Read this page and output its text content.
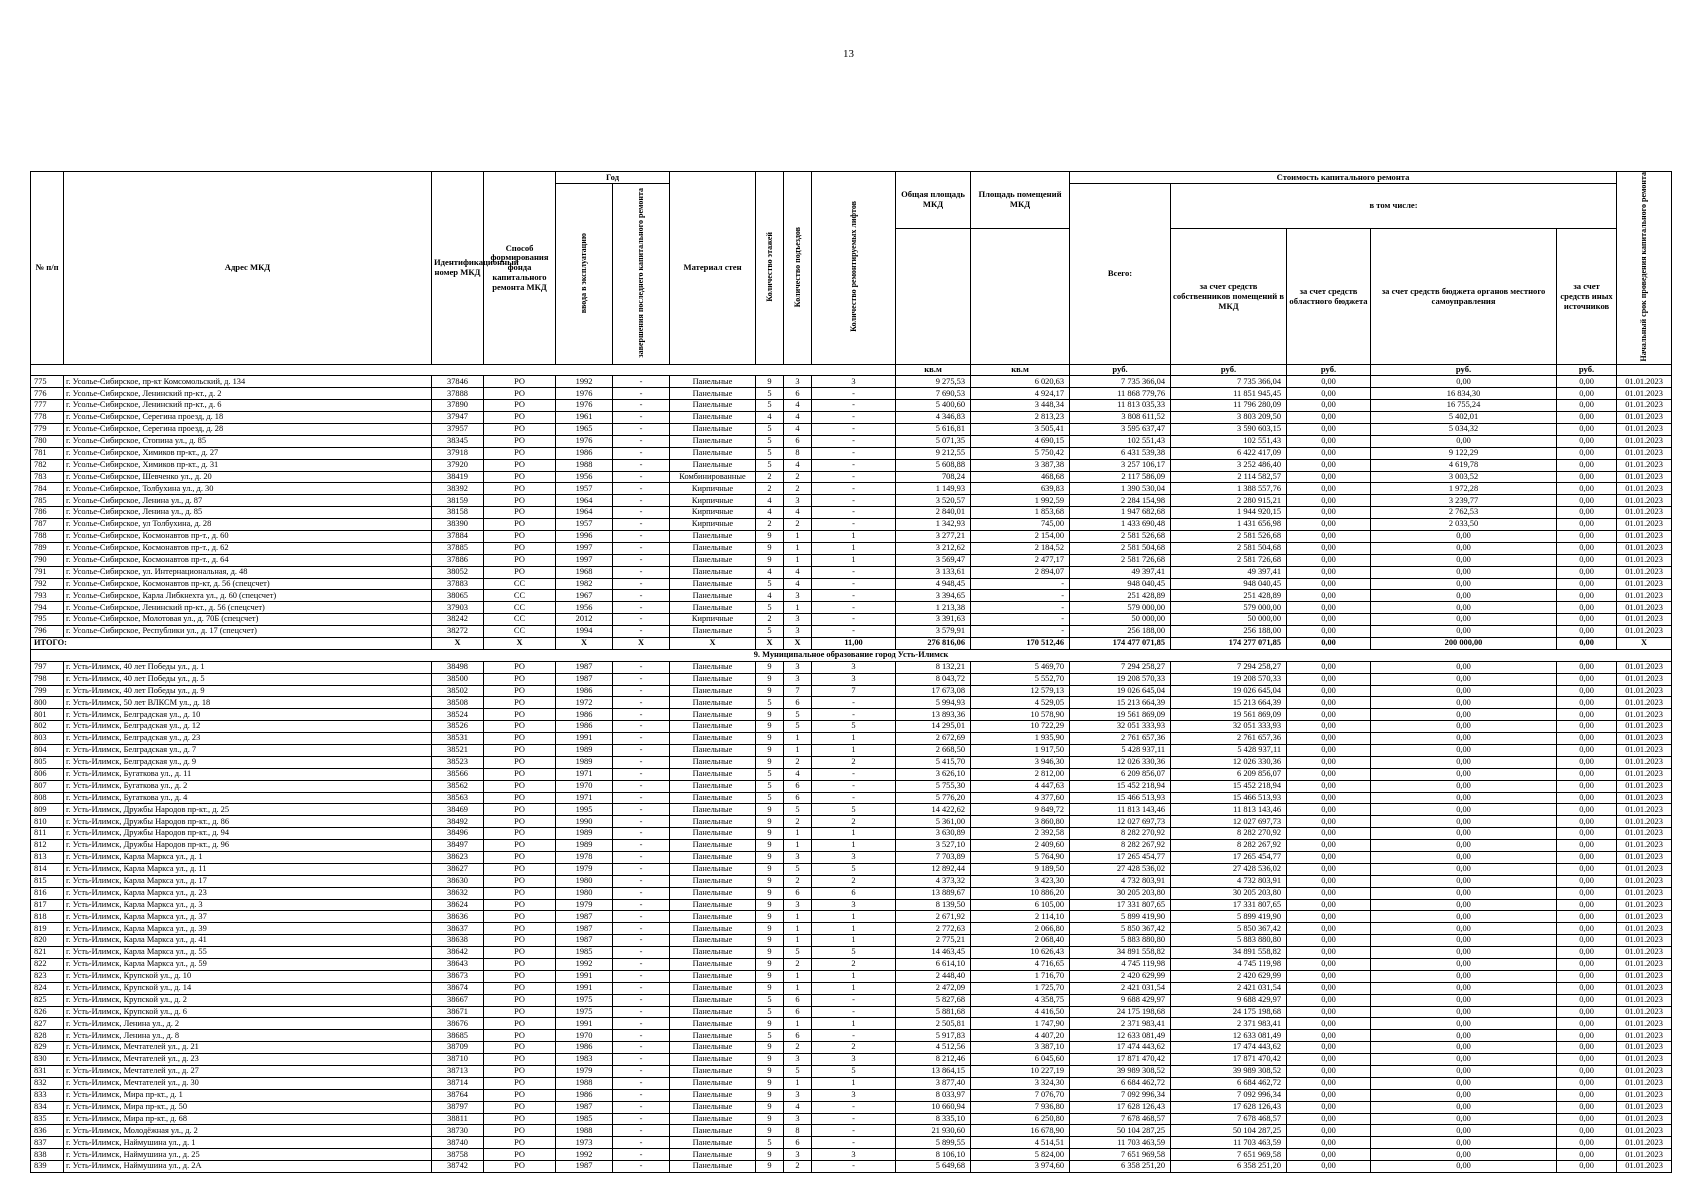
13
№ п/п	Адрес МКД	Идентификационный номер МКД	Способ формирования фонда капитального ремонта МКД	Год		Материал стен	Количество этажей	Количество подъездов	Количество ремонтируемых лифтов	Общая площадь МКД	Площадь помещений МКД	Стоимость капитального ремонта					Начальный срок проведения капитального ремонта	
				ввода в эксплуатацию	завершения последнего капитального ремонта							Всего:	в том числе:					
													за счет средств собственников помещений в МКД	за счет средств областного бюджета	за счет средств бюджета органов местного самоуправления	за счет средств иных источников		
										кв.м	кв.м	руб.	руб.	руб.	руб.	руб.		
775	г. Усолье-Сибирское, пр-кт Комсомольский, д. 134	37846	РО	1992	-	Панельные	9	3	3	9 275,53	6 020,63	7 735 366,04	7 735 366,04	0,00	0,00	0,00	01.01.2023	
776	г. Усолье-Сибирское, Ленинский пр-кт., д. 2	37888	РО	1976	-	Панельные	5	6	-	7 690,53	4 924,17	11 868 779,76	11 851 945,45	0,00	16 834,30	0,00	01.01.2023	
777	г. Усолье-Сибирское, Ленинский пр-кт., д. 6	37890	РО	1976	-	Панельные	5	4	-	5 400,60	3 448,34	11 813 035,33	11 796 280,09	0,00	16 755,24	0,00	01.01.2023	
778	г. Усолье-Сибирское, Серегина проезд, д. 18	37947	РО	1961	-	Панельные	4	4	-	4 346,83	2 813,23	3 808 611,52	3 803 209,50	0,00	5 402,01	0,00	01.01.2023	
779	г. Усолье-Сибирское, Серегина проезд, д. 28	37957	РО	1965	-	Панельные	5	4	-	5 616,81	3 505,41	3 595 637,47	3 590 603,15	0,00	5 034,32	0,00	01.01.2023	
780	г. Усолье-Сибирское, Стопина ул., д. 85	38345	РО	1976	-	Панельные	5	6	-	5 071,35	4 690,15	102 551,43	102 551,43	0,00	0,00	0,00	01.01.2023	
781	г. Усолье-Сибирское, Химиков пр-кт., д. 27	37918	РО	1986	-	Панельные	5	8	-	9 212,55	5 750,42	6 431 539,38	6 422 417,09	0,00	9 122,29	0,00	01.01.2023	
782	г. Усолье-Сибирское, Химиков пр-кт., д. 31	37920	РО	1988	-	Панельные	5	4	-	5 608,88	3 387,38	3 257 106,17	3 252 486,40	0,00	4 619,78	0,00	01.01.2023	
783	г. Усолье-Сибирское, Шевченко ул., д. 20	38419	РО	1956	-	Комбинированные	2	2	-	708,24	468,68	2 117 586,09	2 114 582,57	0,00	3 003,52	0,00	01.01.2023	
784	г. Усолье-Сибирское, Толбухина ул., д. 30	38392	РО	1957	-	Кирпичные	2	2	-	1 149,93	639,83	1 390 530,04	1 388 557,76	0,00	1 972,28	0,00	01.01.2023	
785	г. Усолье-Сибирское, Ленина ул., д. 87	38159	РО	1964	-	Кирпичные	4	3	-	3 520,57	1 992,59	2 284 154,98	2 280 915,21	0,00	3 239,77	0,00	01.01.2023	
786	г. Усолье-Сибирское, Ленина ул., д. 85	38158	РО	1964	-	Кирпичные	4	4	-	2 840,01	1 853,68	1 947 682,68	1 944 920,15	0,00	2 762,53	0,00	01.01.2023	
787	г. Усолье-Сибирское, ул Толбухина, д. 28	38390	РО	1957	-	Кирпичные	2	2	-	1 342,93	745,00	1 433 690,48	1 431 656,98	0,00	2 033,50	0,00	01.01.2023	
788	г. Усолье-Сибирское, Космонавтов пр-т., д. 60	37884	РО	1996	-	Панельные	9	1	1	3 277,21	2 154,00	2 581 526,68	2 581 526,68	0,00	0,00	0,00	01.01.2023	
789	г. Усолье-Сибирское, Космонавтов пр-т., д. 62	37885	РО	1997	-	Панельные	9	1	1	3 212,62	2 184,52	2 581 504,68	2 581 504,68	0,00	0,00	0,00	01.01.2023	
790	г. Усолье-Сибирское, Космонавтов пр-т., д. 64	37886	РО	1997	-	Панельные	9	1	1	3 569,47	2 477,17	2 581 726,68	2 581 726,68	0,00	0,00	0,00	01.01.2023	
791	г. Усолье-Сибирское, ул. Интернациональная, д. 48	38052	РО	1968	-	Панельные	4	4	-	3 133,61	2 894,07	49 397,41	49 397,41	0,00	0,00	0,00	01.01.2023	
792	г. Усолье-Сибирское, Космонавтов пр-кт, д. 56 (спецсчет)	37883	СС	1982	-	Панельные	5	4	-	4 948,45	-	948 040,45	948 040,45	0,00	0,00	0,00	01.01.2023	
793	г. Усолье-Сибирское, Карла Либкнехта ул., д. 60 (спецсчет)	38065	СС	1967	-	Панельные	4	3	-	3 394,65	-	251 428,89	251 428,89	0,00	0,00	0,00	01.01.2023	
794	г. Усолье-Сибирское, Ленинский пр-кт., д. 56 (спецсчет)	37903	СС	1956	-	Панельные	5	1	-	1 213,38	-	579 000,00	579 000,00	0,00	0,00	0,00	01.01.2023	
795	г. Усолье-Сибирское, Молотовая ул., д. 70Б (спецсчет)	38242	СС	2012	-	Кирпичные	2	3	-	3 391,63	-	50 000,00	50 000,00	0,00	0,00	0,00	01.01.2023	
796	г. Усолье-Сибирское, Республики ул., д. 17 (спецсчет)	38272	СС	1994	-	Панельные	5	3	-	3 579,91	-	256 188,00	256 188,00	0,00	0,00	0,00	01.01.2023	
ИТОГО:		X	X	X	X	X	X	X	11,00	276 816,06	170 512,46	174 477 071,85	174 277 071,85	0,00	200 000,00	0,00	X	
9. Муниципальное образование город Усть-Илимск																		
797	г. Усть-Илимск, 40 лет Победы ул., д. 1	38498	РО	1987	-	Панельные	9	3	3	8 132,21	5 469,70	7 294 258,27	7 294 258,27	0,00	0,00	0,00	01.01.2023	
798	г. Усть-Илимск, 40 лет Победы ул., д. 5	38500	РО	1987	-	Панельные	9	3	3	8 043,72	5 552,70	19 208 570,33	19 208 570,33	0,00	0,00	0,00	01.01.2023	
799	г. Усть-Илимск, 40 лет Победы ул., д. 9	38502	РО	1986	-	Панельные	9	7	7	17 673,08	12 579,13	19 026 645,04	19 026 645,04	0,00	0,00	0,00	01.01.2023	
800	г. Усть-Илимск, 50 лет ВЛКСМ ул., д. 18	38508	РО	1972	-	Панельные	5	6	-	5 994,93	4 529,05	15 213 664,39	15 213 664,39	0,00	0,00	0,00	01.01.2023	
801	г. Усть-Илимск, Белградская ул., д. 10	38524	РО	1986	-	Панельные	9	5	-	13 893,36	10 578,90	19 561 869,09	19 561 869,09	0,00	0,00	0,00	01.01.2023	
802	г. Усть-Илимск, Белградская ул., д. 12	38526	РО	1986	-	Панельные	9	5	5	14 295,01	10 722,29	32 051 333,93	32 051 333,93	0,00	0,00	0,00	01.01.2023	
803	г. Усть-Илимск, Белградская ул., д. 23	38531	РО	1991	-	Панельные	9	1	1	2 672,69	1 935,90	2 761 657,36	2 761 657,36	0,00	0,00	0,00	01.01.2023	
804	г. Усть-Илимск, Белградская ул., д. 7	38521	РО	1989	-	Панельные	9	1	1	2 668,50	1 917,50	5 428 937,11	5 428 937,11	0,00	0,00	0,00	01.01.2023	
805	г. Усть-Илимск, Белградская ул., д. 9	38523	РО	1989	-	Панельные	9	2	2	5 415,70	3 946,30	12 026 330,36	12 026 330,36	0,00	0,00	0,00	01.01.2023	
806	г. Усть-Илимск, Бугаткова ул., д. 11	38566	РО	1971	-	Панельные	5	4	-	3 626,10	2 812,00	6 209 856,07	6 209 856,07	0,00	0,00	0,00	01.01.2023	
807	г. Усть-Илимск, Бугаткова ул., д. 2	38562	РО	1970	-	Панельные	5	6	-	5 755,30	4 447,63	15 452 218,94	15 452 218,94	0,00	0,00	0,00	01.01.2023	
808	г. Усть-Илимск, Бугаткова ул., д. 4	38563	РО	1971	-	Панельные	5	6	-	5 776,20	4 377,60	15 466 513,93	15 466 513,93	0,00	0,00	0,00	01.01.2023	
809	г. Усть-Илимск, Дружбы Народов пр-кт., д. 25	38469	РО	1995	-	Панельные	9	5	5	14 422,62	9 849,72	11 813 143,46	11 813 143,46	0,00	0,00	0,00	01.01.2023	
810	г. Усть-Илимск, Дружбы Народов пр-кт., д. 86	38492	РО	1990	-	Панельные	9	2	2	5 361,00	3 860,80	12 027 697,73	12 027 697,73	0,00	0,00	0,00	01.01.2023	
811	г. Усть-Илимск, Дружбы Народов пр-кт., д. 94	38496	РО	1989	-	Панельные	9	1	1	3 630,89	2 392,58	8 282 270,92	8 282 270,92	0,00	0,00	0,00	01.01.2023	
812	г. Усть-Илимск, Дружбы Народов пр-кт., д. 96	38497	РО	1989	-	Панельные	9	1	1	3 527,10	2 409,60	8 282 267,92	8 282 267,92	0,00	0,00	0,00	01.01.2023	
813	г. Усть-Илимск, Карла Маркса ул., д. 1	38623	РО	1978	-	Панельные	9	3	3	7 703,89	5 764,90	17 265 454,77	17 265 454,77	0,00	0,00	0,00	01.01.2023	
814	г. Усть-Илимск, Карла Маркса ул., д. 11	38627	РО	1979	-	Панельные	9	5	5	12 892,44	9 189,50	27 428 536,02	27 428 536,02	0,00	0,00	0,00	01.01.2023	
815	г. Усть-Илимск, Карла Маркса ул., д. 17	38630	РО	1980	-	Панельные	9	2	2	4 373,32	3 423,30	4 732 803,91	4 732 803,91	0,00	0,00	0,00	01.01.2023	
816	г. Усть-Илимск, Карла Маркса ул., д. 23	38632	РО	1980	-	Панельные	9	6	6	13 889,67	10 886,20	30 205 203,80	30 205 203,80	0,00	0,00	0,00	01.01.2023	
817	г. Усть-Илимск, Карла Маркса ул., д. 3	38624	РО	1979	-	Панельные	9	3	3	8 139,50	6 105,00	17 331 807,65	17 331 807,65	0,00	0,00	0,00	01.01.2023	
818	г. Усть-Илимск, Карла Маркса ул., д. 37	38636	РО	1987	-	Панельные	9	1	1	2 671,92	2 114,10	5 899 419,90	5 899 419,90	0,00	0,00	0,00	01.01.2023	
819	г. Усть-Илимск, Карла Маркса ул., д. 39	38637	РО	1987	-	Панельные	9	1	1	2 772,63	2 066,80	5 850 367,42	5 850 367,42	0,00	0,00	0,00	01.01.2023	
820	г. Усть-Илимск, Карла Маркса ул., д. 41	38638	РО	1987	-	Панельные	9	1	1	2 775,21	2 068,40	5 883 880,80	5 883 880,80	0,00	0,00	0,00	01.01.2023	
821	г. Усть-Илимск, Карла Маркса ул., д. 55	38642	РО	1985	-	Панельные	9	5	5	14 463,45	10 626,43	34 891 558,82	34 891 558,82	0,00	0,00	0,00	01.01.2023	
822	г. Усть-Илимск, Карла Маркса ул., д. 59	38643	РО	1992	-	Панельные	9	2	2	6 614,10	4 716,65	4 745 119,98	4 745 119,98	0,00	0,00	0,00	01.01.2023	
823	г. Усть-Илимск, Крупской ул., д. 10	38673	РО	1991	-	Панельные	9	1	1	2 448,40	1 716,70	2 420 629,99	2 420 629,99	0,00	0,00	0,00	01.01.2023	
824	г. Усть-Илимск, Крупской ул., д. 14	38674	РО	1991	-	Панельные	9	1	1	2 472,09	1 725,70	2 421 031,54	2 421 031,54	0,00	0,00	0,00	01.01.2023	
825	г. Усть-Илимск, Крупской ул., д. 2	38667	РО	1975	-	Панельные	5	6	-	5 827,68	4 358,75	9 688 429,97	9 688 429,97	0,00	0,00	0,00	01.01.2023	
826	г. Усть-Илимск, Крупской ул., д. 6	38671	РО	1975	-	Панельные	5	6	-	5 881,68	4 416,50	24 175 198,68	24 175 198,68	0,00	0,00	0,00	01.01.2023	
827	г. Усть-Илимск, Ленина ул., д. 2	38676	РО	1991	-	Панельные	9	1	1	2 505,81	1 747,90	2 371 983,41	2 371 983,41	0,00	0,00	0,00	01.01.2023	
828	г. Усть-Илимск, Ленина ул., д. 8	38685	РО	1970	-	Панельные	5	6	-	5 917,83	4 407,20	12 633 081,49	12 633 081,49	0,00	0,00	0,00	01.01.2023	
829	г. Усть-Илимск, Мечтателей ул., д. 21	38709	РО	1986	-	Панельные	9	2	2	4 512,56	3 387,10	17 474 443,62	17 474 443,62	0,00	0,00	0,00	01.01.2023	
830	г. Усть-Илимск, Мечтателей ул., д. 23	38710	РО	1983	-	Панельные	9	3	3	8 212,46	6 045,60	17 871 470,42	17 871 470,42	0,00	0,00	0,00	01.01.2023	
831	г. Усть-Илимск, Мечтателей ул., д. 27	38713	РО	1979	-	Панельные	9	5	5	13 864,15	10 227,19	39 989 308,52	39 989 308,52	0,00	0,00	0,00	01.01.2023	
832	г. Усть-Илимск, Мечтателей ул., д. 30	38714	РО	1988	-	Панельные	9	1	1	3 877,40	3 324,30	6 684 462,72	6 684 462,72	0,00	0,00	0,00	01.01.2023	
833	г. Усть-Илимск, Мира пр-кт., д. 1	38764	РО	1986	-	Панельные	9	3	3	8 033,97	7 076,70	7 092 996,34	7 092 996,34	0,00	0,00	0,00	01.01.2023	
834	г. Усть-Илимск, Мира пр-кт., д. 50	38797	РО	1987	-	Панельные	9	4	-	10 660,94	7 936,80	17 628 126,43	17 628 126,43	0,00	0,00	0,00	01.01.2023	
835	г. Усть-Илимск, Мира пр-кт., д. 68	38811	РО	1985	-	Панельные	9	3	-	8 335,10	6 250,80	7 678 468,57	7 678 468,57	0,00	0,00	0,00	01.01.2023	
836	г. Усть-Илимск, Молодёжная ул., д. 2	38730	РО	1988	-	Панельные	9	8	-	21 930,60	16 678,90	50 104 287,25	50 104 287,25	0,00	0,00	0,00	01.01.2023	
837	г. Усть-Илимск, Наймушина ул., д. 1	38740	РО	1973	-	Панельные	5	6	-	5 899,55	4 514,51	11 703 463,59	11 703 463,59	0,00	0,00	0,00	01.01.2023	
838	г. Усть-Илимск, Наймушина ул., д. 25	38758	РО	1992	-	Панельные	9	3	3	8 106,10	5 824,00	7 651 969,58	7 651 969,58	0,00	0,00	0,00	01.01.2023	
839	г. Усть-Илимск, Наймушина ул., д. 2А	38742	РО	1987	-	Панельные	9	2	-	5 649,68	3 974,60	6 358 251,20	6 358 251,20	0,00	0,00	0,00	01.01.2023	
